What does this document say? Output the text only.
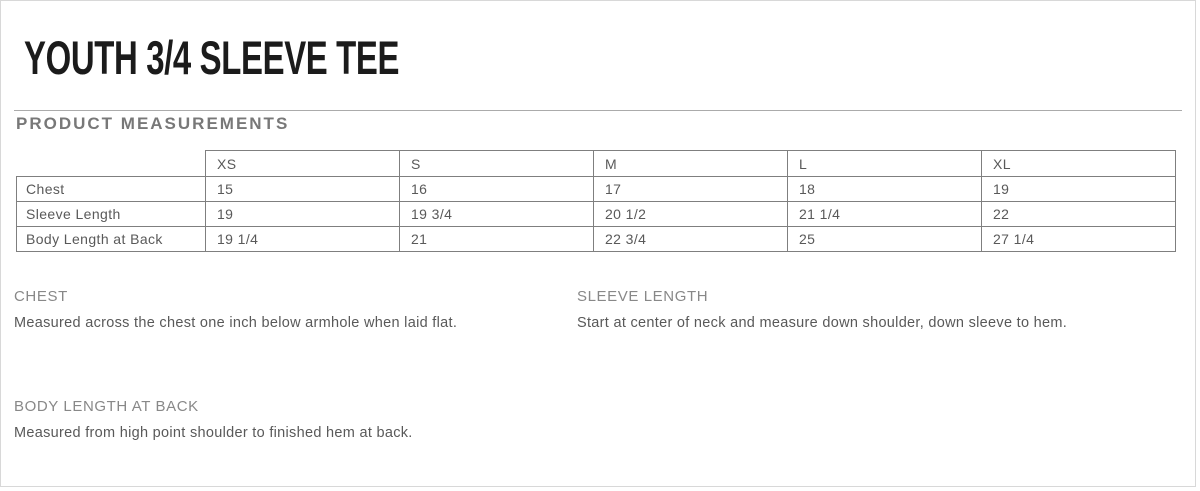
YOUTH 3/4 SLEEVE TEE
PRODUCT MEASUREMENTS
	XS	S	M	L	XL
Chest	15	16	17	18	19
Sleeve Length	19	19 3/4	20 1/2	21 1/4	22
Body Length at Back	19 1/4	21	22 3/4	25	27 1/4
CHEST

Measured across the chest one inch below armhole when laid flat.

SLEEVE LENGTH

Start at center of neck and measure down shoulder, down sleeve to hem.

BODY LENGTH AT BACK

Measured from high point shoulder to finished hem at back.
